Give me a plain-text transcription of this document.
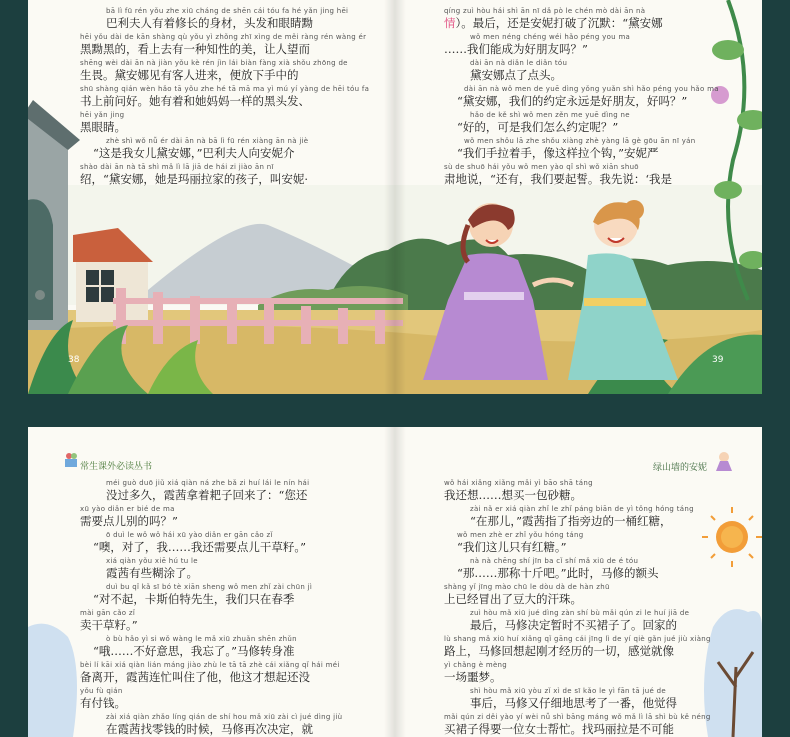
bā lì fū rén yǒu zhe xiū cháng de shēn cái tóu fa hé yǎn jing hēi
巴利夫人有着修长的身材，头发和眼睛黝
hēi yǒu dài de kān shàng qù yǒu yì zhǒng zhī xìng de měi ràng rén wàng ér
黑黝黑的，看上去有一种知性的美，让人望而
shēng wèi dài ān nà jiàn yǒu kè rén jìn lái biàn fàng xià shǒu zhōng de
生畏。黛安娜见有客人进来，便放下手中的
shū shàng qián wèn hǎo tā yǒu zhe hé tā mā ma yì mú yí yàng de hēi tóu fa
书上前问好。她有着和她妈妈一样的黑头发、
hēi yǎn jing
黑眼睛。
zhè shì wǒ nǚ ér dài ān nà bā lì fū rén xiàng ān nà jiè
“这是我女儿黛安娜，”巴利夫人向安妮介
shào dài ān nà tā shì mǎ lì lā jiā de hái zi jiào ān nī
绍，“黛安娜，她是玛丽拉家的孩子，叫安妮·
qíng zuì hòu hái shì ān nī dǎ pò le chén mò dài ān nà
情）。最后，还是安妮打破了沉默：“黛安娜
wǒ men néng chéng wéi hǎo péng you ma
……我们能成为好朋友吗？”
dài ān nà diǎn le diǎn tóu
黛安娜点了点头。
dài ān nà wǒ men de yuē dìng yǒng yuǎn shì hǎo péng you hǎo ma
“黛安娜，我们的约定永远是好朋友，好吗？”
hǎo de kě shì wǒ men zěn me yuē dìng ne
“好的，可是我们怎么约定呢？”
wǒ men shǒu lā zhe shǒu xiàng zhè yàng lā gè gōu ān nī yán
“我们手拉着手，像这样拉个钩，”安妮严
sù de shuō hái yǒu wǒ men yào qǐ shì wǒ xiān shuō
肃地说，“还有，我们要起誓。我先说：‘我是
38	39
常生课外必读丛书	绿山墙的安妮
méi guò duō jiǔ xiá qiàn ná zhe bǎ zi huí lái le nín hái
没过多久，霞茜拿着耙子回来了：“您还
xū yào diǎn er bié de ma
需要点儿别的吗？”
ō duì le wǒ wǒ hái xū yào diǎn er gān cǎo zǐ
“噢，对了，我……我还需要点儿干草籽。”
xiá qiàn yǒu xiē hú tu le
霞茜有些糊涂了。
duì bu qǐ kǎ sī bó tè xiān sheng wǒ men zhǐ zài chūn jì
“对不起，卡斯伯特先生，我们只在春季
mài gān cǎo zǐ
卖干草籽。”
ò bù hǎo yì si wǒ wàng le mǎ xiū zhuǎn shēn zhǔn
“哦……不好意思，我忘了。”马修转身准
bèi lí kāi xiá qiàn lián máng jiào zhù le tā tā zhè cái xiǎng qǐ hái méi
备离开，霞茜连忙叫住了他，他这才想起还没
yǒu fù qián
有付钱。
zài xiá qiàn zhǎo líng qián de shí hou mǎ xiū zài cì jué dìng jiù
在霞茜找零钱的时候，马修再次决定，就
wǒ hái xiǎng xiǎng mǎi yì bāo shā táng
我还想……想买一包砂糖。
zài nǎ er xiá qiàn zhǐ le zhǐ páng biān de yì tǒng hóng táng
“在那儿，”霞茜指了指旁边的一桶红糖，
wǒ men zhè er zhǐ yǒu hóng táng
“我们这儿只有红糖。”
nà nà chēng shí jīn ba cǐ shí mǎ xiū de é tóu
“那……那称十斤吧。”此时，马修的额头
shàng yǐ jīng mào chū le dòu dà de hàn zhū
上已经冒出了豆大的汗珠。
zuì hòu mǎ xiū jué dìng zàn shí bù mǎi qún zi le huí jiā de
最后，马修决定暂时不买裙子了。回家的
lù shang mǎ xiū huí xiǎng qǐ gāng cái jīng lì de yí qiè gǎn jué jiù xiàng
路上，马修回想起刚才经历的一切，感觉就像
yì chǎng è mèng
一场噩梦。
shì hòu mǎ xiū yòu zǐ xì de sī kǎo le yì fān tā jué de
事后，马修又仔细地思考了一番，他觉得
mǎi qún zi děi yào yí wèi nǚ shì bāng máng wǒ mǎ lì lā shì bù kě néng
买裙子得要一位女士帮忙。找玛丽拉是不可能
